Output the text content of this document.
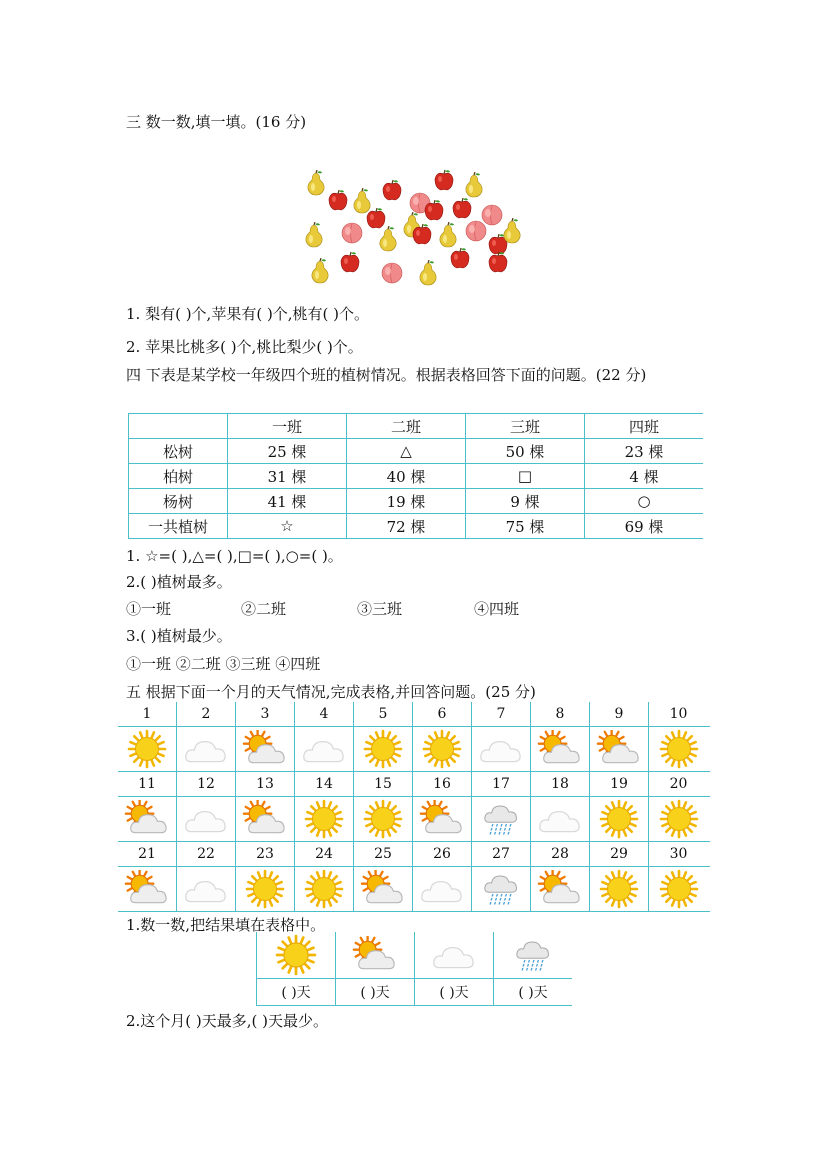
三 数一数,填一填。(16 分)
1. 梨有( )个,苹果有( )个,桃有( )个。
2. 苹果比桃多( )个,桃比梨少( )个。
四 下表是某学校一年级四个班的植树情况。根据表格回答下面的问题。(22 分)
	一班	二班	三班	四班
松树	25 棵	△	50 棵	23 棵
柏树	31 棵	40 棵	□	4 棵
杨树	41 棵	19 棵	9 棵	○
一共植树	☆	72 棵	75 棵	69 棵
1. ☆=( ),△=( ),□=( ),○=( )。
2.( )植树最多。
①一班	②二班	③三班	④四班
3.( )植树最少。
①一班 ②二班 ③三班 ④四班
五 根据下面一个月的天气情况,完成表格,并回答问题。(25 分)
1	2	3	4	5	6	7	8	9	10
11	12	13	14	15	16	17	18	19	20
21	22	23	24	25	26	27	28	29	30
1.数一数,把结果填在表格中。
( )天	( )天	( )天	( )天
2.这个月( )天最多,( )天最少。
